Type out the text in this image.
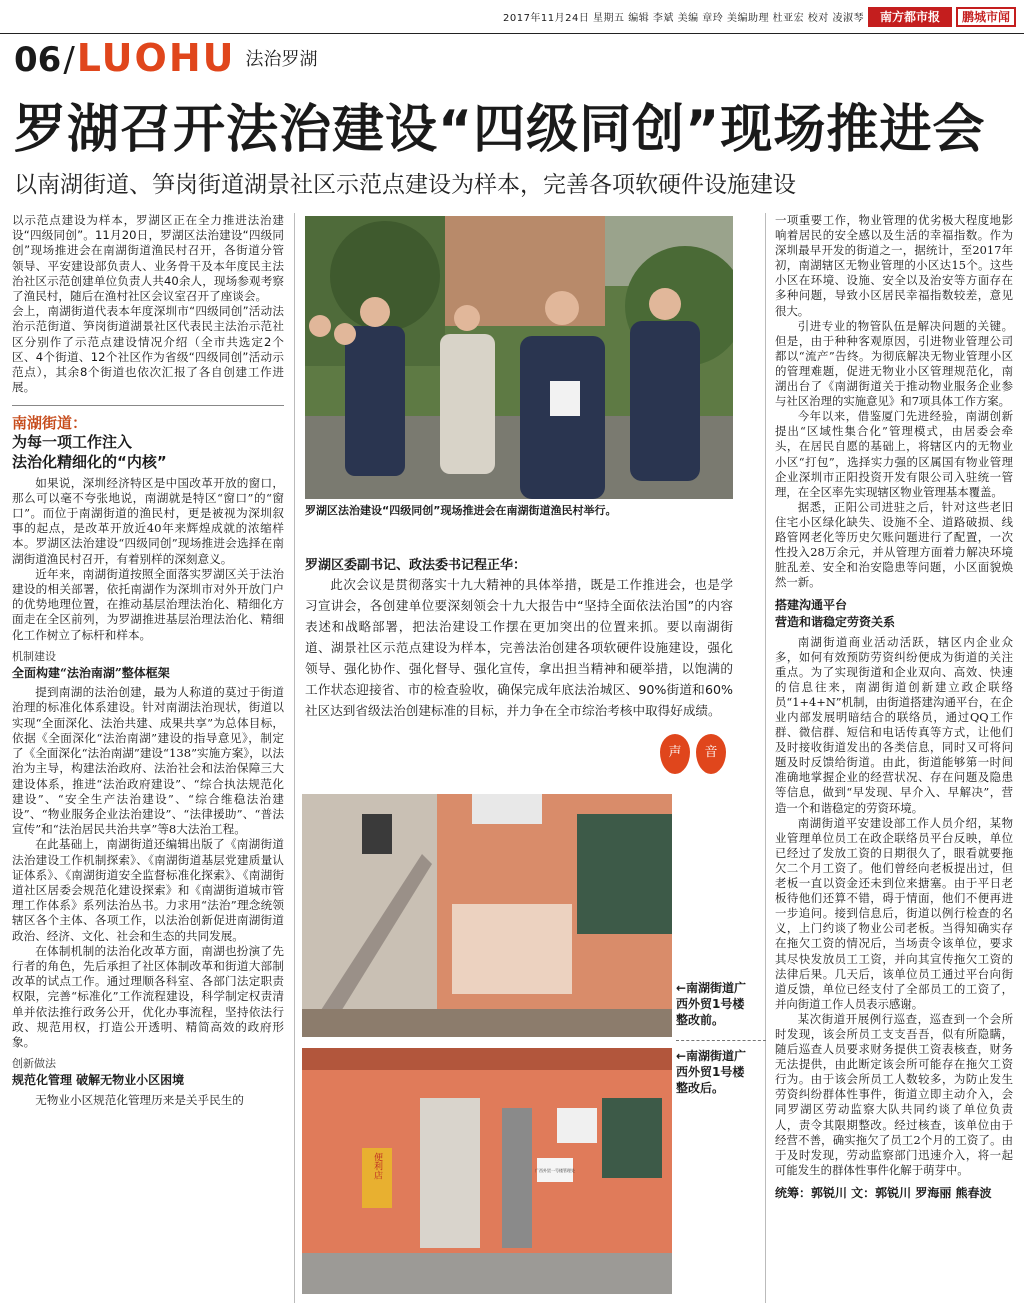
2017年11月24日 星期五 编辑 李斌 美编 章玲 美编助理 杜亚宏 校对 凌淑琴	南方都市报	鹏城市闻
06/LUOHU 法治罗湖
罗湖召开法治建设“四级同创”现场推进会
以南湖街道、笋岗街道湖景社区示范点建设为样本，完善各项软硬件设施建设

以示范点建设为样本，罗湖区正在全力推进法治建设“四级同创”。11月20日，罗湖区法治建设“四级同创”现场推进会在南湖街道渔民村召开，各街道分管领导、平安建设部负责人、业务骨干及本年度民主法治社区示范创建单位负责人共40余人，现场参观考察了渔民村，随后在渔村社区会议室召开了座谈会。

会上，南湖街道代表本年度深圳市“四级同创”活动法治示范街道、笋岗街道湖景社区代表民主法治示范社区分别作了示范点建设情况介绍（全市共选定2个区、4个街道、12个社区作为省级“四级同创”活动示范点），其余8个街道也依次汇报了各自创建工作进展。

南湖街道：
为每一项工作注入
法治化精细化的“内核”

如果说，深圳经济特区是中国改革开放的窗口，那么可以毫不夸张地说，南湖就是特区“窗口”的“窗口”。而位于南湖街道的渔民村，更是被视为深圳叙事的起点，是改革开放近40年来辉煌成就的浓缩样本。罗湖区法治建设“四级同创”现场推进会选择在南湖街道渔民村召开，有着别样的深刻意义。

近年来，南湖街道按照全面落实罗湖区关于法治建设的相关部署，依托南湖作为深圳市对外开放门户的优势地理位置，在推动基层治理法治化、精细化方面走在全区前列，为罗湖推进基层治理法治化、精细化工作树立了标杆和样本。

机制建设
全面构建“法治南湖”整体框架

提到南湖的法治创建，最为人称道的莫过于街道治理的标准化体系建设。针对南湖法治现状，街道以实现“全面深化、法治共建、成果共享”为总体目标，依据《全面深化“法治南湖”建设的指导意见》，制定了《全面深化“法治南湖”建设“138”实施方案》，以法治为主导，构建法治政府、法治社会和法治保障三大建设体系，推进“法治政府建设”、“综合执法规范化建设”、“安全生产法治建设”、“综合维稳法治建设”、“物业服务企业法治建设”、“法律援助”、“普法宣传”和“法治居民共治共享”等8大法治工程。

在此基础上，南湖街道还编辑出版了《南湖街道法治建设工作机制探索》、《南湖街道基层党建质量认证体系》、《南湖街道安全监督标准化探索》、《南湖街道社区居委会规范化建设探索》和《南湖街道城市管理工作体系》系列法治丛书。力求用“法治”理念统领辖区各个主体、各项工作，以法治创新促进南湖街道政治、经济、文化、社会和生态的共同发展。

在体制机制的法治化改革方面，南湖也扮演了先行者的角色，先后承担了社区体制改革和街道大部制改革的试点工作。通过理顺各科室、各部门法定职责权限，完善“标准化”工作流程建设，科学制定权责清单并依法推行政务公开，优化办事流程，坚持依法行政、规范用权，打造公开透明、精简高效的政府形象。

创新做法
规范化管理 破解无物业小区困境

无物业小区规范化管理历来是关乎民生的

罗湖区法治建设“四级同创”现场推进会在南湖街道渔民村举行。
罗湖区委副书记、政法委书记程正华：
此次会议是贯彻落实十九大精神的具体举措，既是工作推进会，也是学习宣讲会，各创建单位要深刻领会十九大报告中“坚持全面依法治国”的内容表述和战略部署，把法治建设工作摆在更加突出的位置来抓。要以南湖街道、湖景社区示范点建设为样本，完善法治创建各项软硬件设施建设，强化领导、强化协作、强化督导、强化宣传，拿出担当精神和硬举措，以饱满的工作状态迎接省、市的检查验收，确保完成年底法治城区、90%街道和60%社区达到省级法治创建标准的目标，并力争在全市综治考核中取得好成绩。
声	音
←南湖街道广西外贸1号楼整改前。
←南湖街道广西外贸1号楼整改后。
便利店	广西外贸一号楼管理处

一项重要工作，物业管理的优劣极大程度地影响着居民的安全感以及生活的幸福指数。作为深圳最早开发的街道之一，据统计，至2017年初，南湖辖区无物业管理的小区达15个。这些小区在环境、设施、安全以及治安等方面存在多种问题，导致小区居民幸福指数较差，意见很大。

引进专业的物管队伍是解决问题的关键。但是，由于种种客观原因，引进物业管理公司都以“流产”告终。为彻底解决无物业管理小区的管理难题，促进无物业小区管理规范化，南湖出台了《南湖街道关于推动物业服务企业参与社区治理的实施意见》和7项具体工作方案。

今年以来，借鉴厦门先进经验，南湖创新提出“区域性集合化”管理模式，由居委会牵头，在居民自愿的基础上，将辖区内的无物业小区“打包”，选择实力强的区属国有物业管理企业深圳市正阳投资开发有限公司入驻统一管理，在全区率先实现辖区物业管理基本覆盖。

据悉，正阳公司进驻之后，针对这些老旧住宅小区绿化缺失、设施不全、道路破损、线路管网老化等历史欠账问题进行了配置，一次性投入28万余元，并从管理方面着力解决环境脏乱差、安全和治安隐患等问题，小区面貌焕然一新。

搭建沟通平台
营造和谐稳定劳资关系

南湖街道商业活动活跃，辖区内企业众多，如何有效预防劳资纠纷便成为街道的关注重点。为了实现街道和企业双向、高效、快速的信息往来，南湖街道创新建立政企联络员“1+4+N”机制，由街道搭建沟通平台，在企业内部发展明暗结合的联络员，通过QQ工作群、微信群、短信和电话传真等方式，让他们及时接收街道发出的各类信息，同时又可将问题及时反馈给街道。由此，街道能够第一时间准确地掌握企业的经营状况、存在问题及隐患等信息，做到“早发现、早介入、早解决”，营造一个和谐稳定的劳资环境。

南湖街道平安建设部工作人员介绍，某物业管理单位员工在政企联络员平台反映，单位已经过了发放工资的日期很久了，眼看就要拖欠二个月工资了。他们曾经向老板提出过，但老板一直以资金还未到位来搪塞。由于平日老板待他们还算不错，碍于情面，他们不便再进一步追问。接到信息后，街道以例行检查的名义，上门约谈了物业公司老板。当得知确实存在拖欠工资的情况后，当场责令该单位，要求其尽快发放员工工资，并向其宣传拖欠工资的法律后果。几天后，该单位员工通过平台向街道反馈，单位已经支付了全部员工的工资了，并向街道工作人员表示感谢。

某次街道开展例行巡查，巡查到一个会所时发现，该会所员工支支吾吾，似有所隐瞒，随后巡查人员要求财务提供工资表核查，财务无法提供，由此断定该会所可能存在拖欠工资行为。由于该会所员工人数较多，为防止发生劳资纠纷群体性事件，街道立即主动介入，会同罗湖区劳动监察大队共同约谈了单位负责人，责令其限期整改。经过核查，该单位由于经营不善，确实拖欠了员工2个月的工资了。由于及时发现，劳动监察部门迅速介入，将一起可能发生的群体性事件化解于萌芽中。

统筹：郭锐川 文：郭锐川 罗海丽 熊春波
